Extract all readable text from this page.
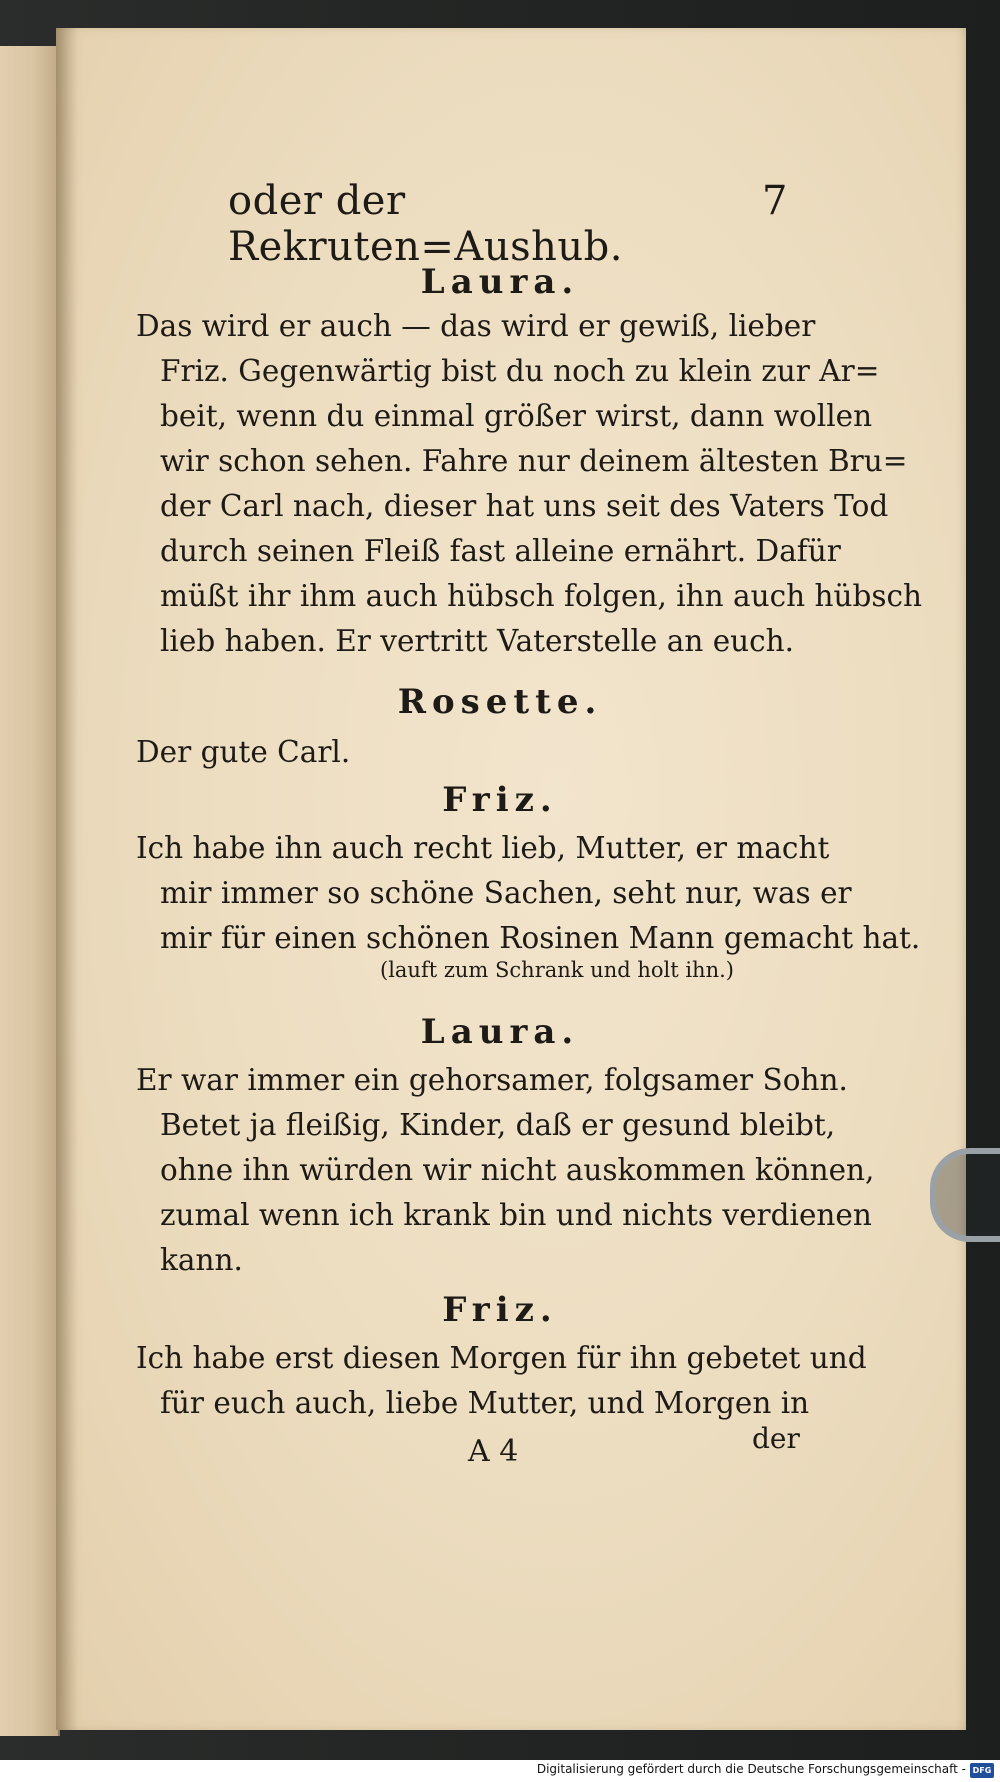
oder der Rekruten=Aushub.
7
Laura.
Das wird er auch — das wird er gewiß, lieber
Friz. Gegenwärtig bist du noch zu klein zur Ar=
beit, wenn du einmal größer wirst, dann wollen
wir schon sehen. Fahre nur deinem ältesten Bru=
der Carl nach, dieser hat uns seit des Vaters Tod
durch seinen Fleiß fast alleine ernährt. Dafür
müßt ihr ihm auch hübsch folgen, ihn auch hübsch
lieb haben. Er vertritt Vaterstelle an euch.
Rosette.
Der gute Carl.
Friz.
Ich habe ihn auch recht lieb, Mutter, er macht
mir immer so schöne Sachen, seht nur, was er
mir für einen schönen Rosinen Mann gemacht hat.
(lauft zum Schrank und holt ihn.)
Laura.
Er war immer ein gehorsamer, folgsamer Sohn.
Betet ja fleißig, Kinder, daß er gesund bleibt,
ohne ihn würden wir nicht auskommen können,
zumal wenn ich krank bin und nichts verdienen
kann.
Friz.
Ich habe erst diesen Morgen für ihn gebetet und
für euch auch, liebe Mutter, und Morgen in
A 4	der
Digitalisierung gefördert durch die Deutsche Forschungsgemeinschaft - DFG
